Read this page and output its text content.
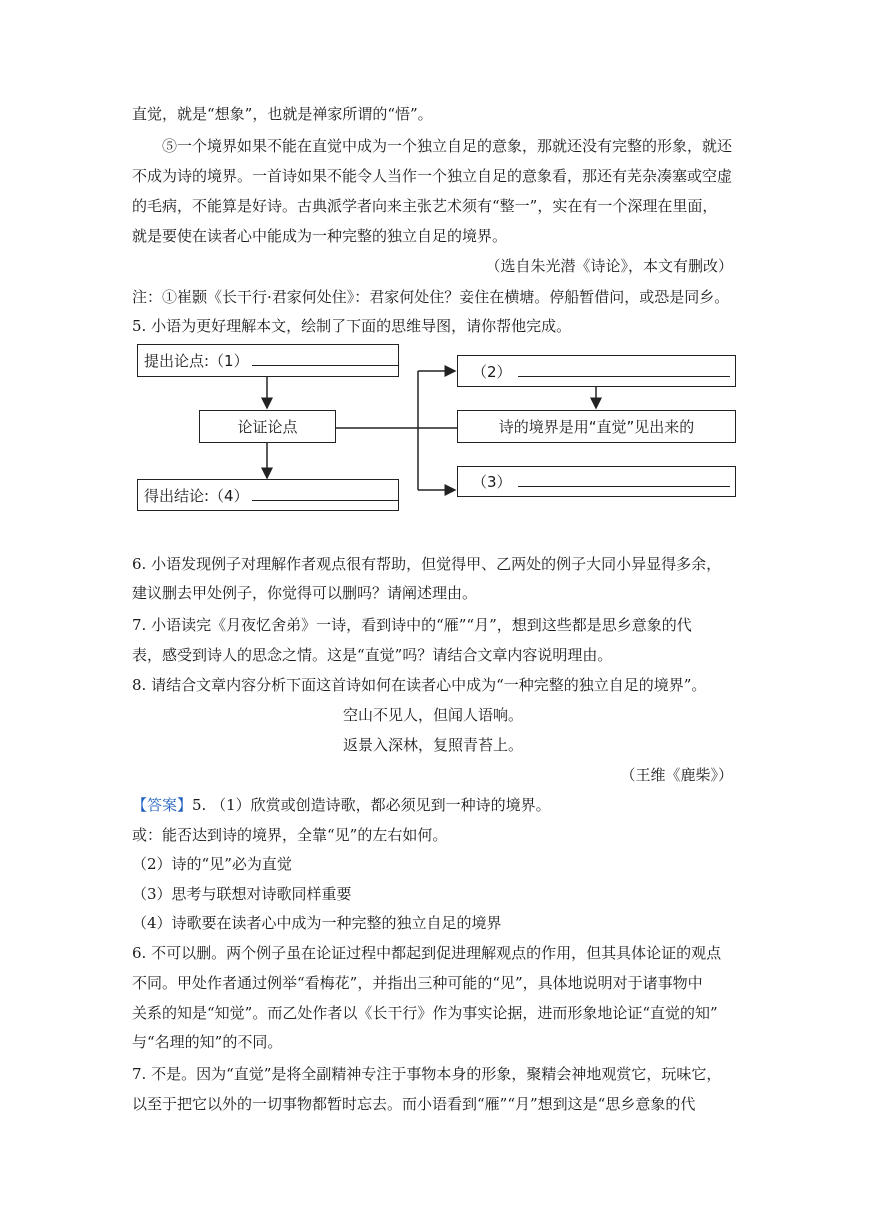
直觉，就是“想象”，也就是禅家所谓的“悟”。
⑤一个境界如果不能在直觉中成为一个独立自足的意象，那就还没有完整的形象，就还
不成为诗的境界。一首诗如果不能令人当作一个独立自足的意象看，那还有芜杂凑塞或空虚
的毛病，不能算是好诗。古典派学者向来主张艺术须有“整一”，实在有一个深理在里面，
就是要使在读者心中能成为一种完整的独立自足的境界。
（选自朱光潜《诗论》，本文有删改）
注：①崔颢《长干行·君家何处住》：君家何处住？妾住在横塘。停船暂借问，或恐是同乡。
5. 小语为更好理解本文，绘制了下面的思维导图，请你帮他完成。
提出论点:（1）
论证论点
得出结论:（4）
（2）
诗的境界是用“直觉”见出来的
（3）
6. 小语发现例子对理解作者观点很有帮助，但觉得甲、乙两处的例子大同小异显得多余，
建议删去甲处例子，你觉得可以删吗？请阐述理由。
7. 小语读完《月夜忆舍弟》一诗，看到诗中的“雁”“月”，想到这些都是思乡意象的代
表，感受到诗人的思念之情。这是“直觉”吗？请结合文章内容说明理由。
8. 请结合文章内容分析下面这首诗如何在读者心中成为“一种完整的独立自足的境界”。
空山不见人，但闻人语响。
返景入深林，复照青苔上。
（王维《鹿柴》）
【答案】5. （1）欣赏或创造诗歌，都必须见到一种诗的境界。
或：能否达到诗的境界，全靠“见”的左右如何。
（2）诗的“见”必为直觉
（3）思考与联想对诗歌同样重要
（4）诗歌要在读者心中成为一种完整的独立自足的境界
6. 不可以删。两个例子虽在论证过程中都起到促进理解观点的作用，但其具体论证的观点
不同。甲处作者通过例举“看梅花”，并指出三种可能的“见”，具体地说明对于诸事物中
关系的知是“知觉”。而乙处作者以《长干行》作为事实论据，进而形象地论证“直觉的知”
与“名理的知”的不同。
7. 不是。因为“直觉”是将全副精神专注于事物本身的形象，聚精会神地观赏它，玩味它，
以至于把它以外的一切事物都暂时忘去。而小语看到“雁”“月”想到这是“思乡意象的代
